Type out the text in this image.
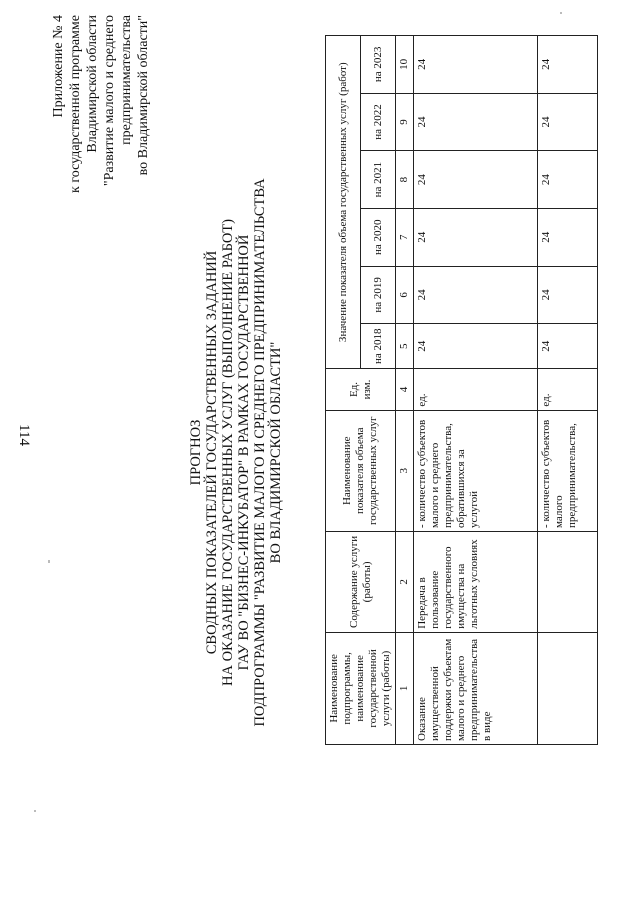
114
Приложение № 4 к государственной программе Владимирской области "Развитие малого и среднего предпринимательства во Владимирской области"
ПРОГНОЗ СВОДНЫХ ПОКАЗАТЕЛЕЙ ГОСУДАРСТВЕННЫХ ЗАДАНИЙ НА ОКАЗАНИЕ ГОСУДАРСТВЕННЫХ УСЛУГ (ВЫПОЛНЕНИЕ РАБОТ) ГАУ ВО "БИЗНЕС-ИНКУБАТОР" В РАМКАХ ГОСУДАРСТВЕННОЙ ПОДПРОГРАММЫ "РАЗВИТИЕ МАЛОГО И СРЕДНЕГО ПРЕДПРИНИМАТЕЛЬСТВА ВО ВЛАДИМИРСКОЙ ОБЛАСТИ"
Наименование подпрограммы, наименование государственной услуги (работы)	Содержание услуги (работы)	Наименование показателя объема государственных услуг	Ед. изм.	Значение показателя объема государственных услуг (работ)					
				на 2018	на 2019	на 2020	на 2021	на 2022	на 2023
1	2	3	4	5	6	7	8	9	10
Оказание имущественной поддержки субъектам малого и среднего предпринимательства в виде	Передача в пользование государственного имущества на льготных условиях	- количество субъектов малого и среднего предпринимательства, обратившихся за услугой	ед.	24	24	24	24	24	24
		- количество субъектов малого предпринимательства,	ед.	24	24	24	24	24	24
